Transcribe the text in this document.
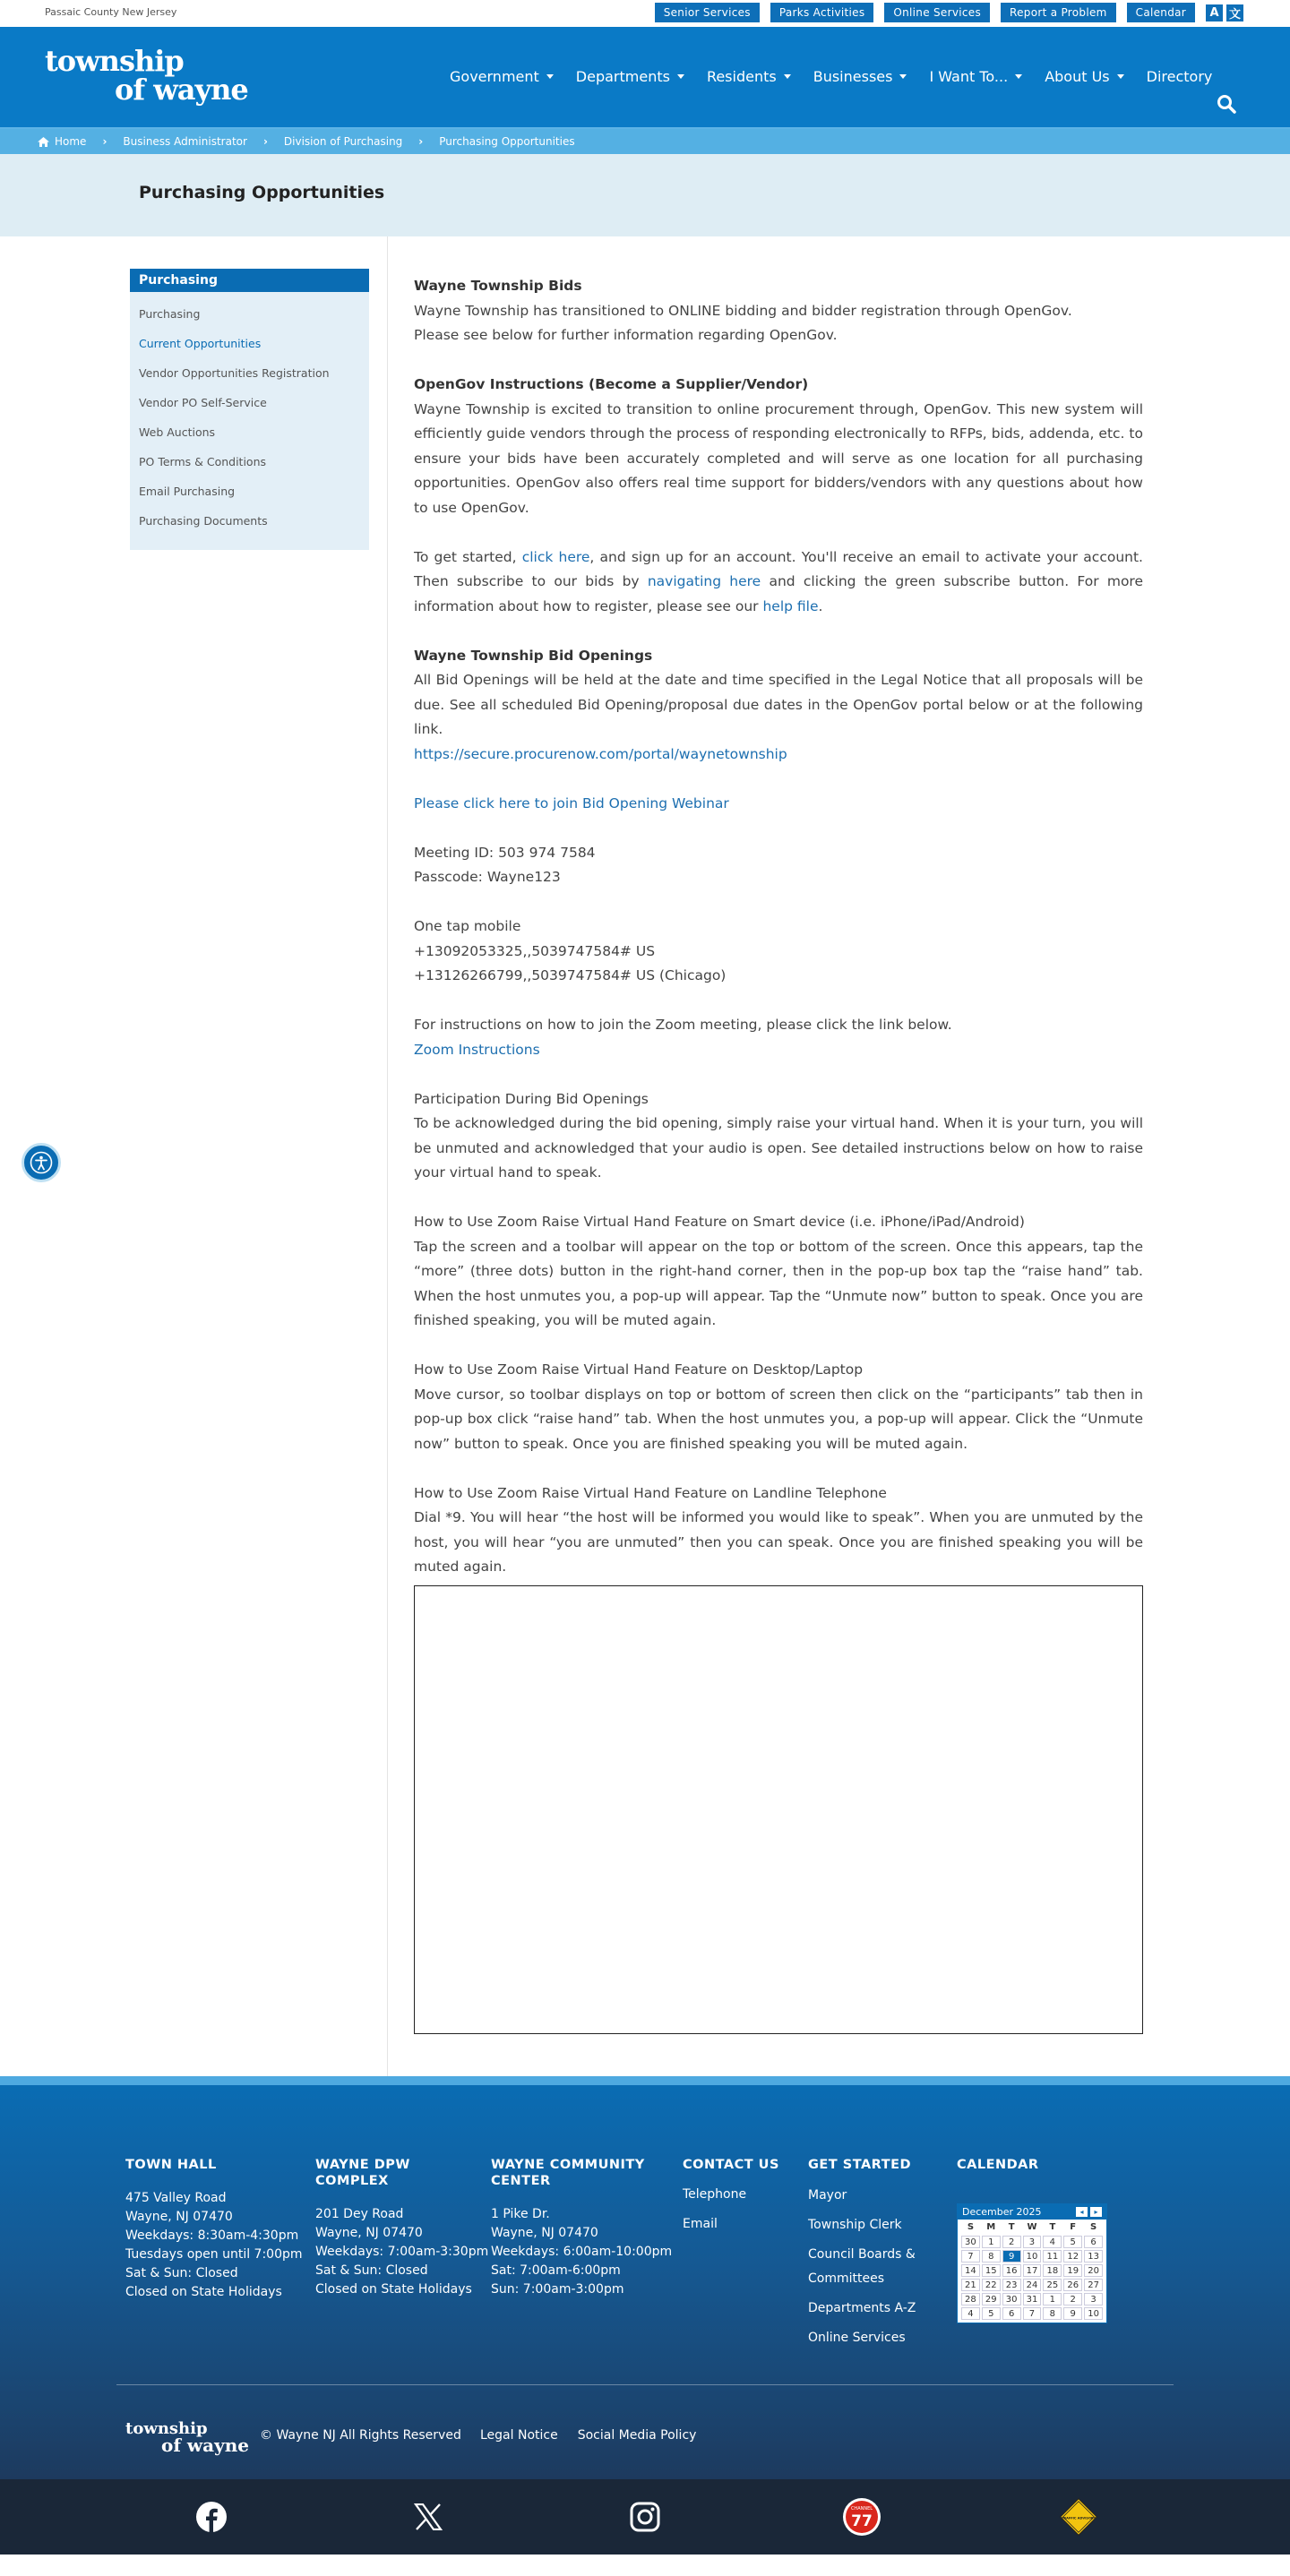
Passaic County New Jersey	Senior Services	Parks Activities	Online Services	Report a Problem	Calendar	A 文
township
of wayne	Government	Departments	Residents	Businesses	I Want To...	About Us	Directory
Home › Business Administrator › Division of Purchasing › Purchasing Opportunities
Purchasing Opportunities
Purchasing
Purchasing
Current Opportunities
Vendor Opportunities Registration
Vendor PO Self-Service
Web Auctions
PO Terms & Conditions
Email Purchasing
Purchasing Documents

Wayne Township Bids
Wayne Township has transitioned to ONLINE bidding and bidder registration through OpenGov.
Please see below for further information regarding OpenGov.

OpenGov Instructions (Become a Supplier/Vendor)
Wayne Township is excited to transition to online procurement through, OpenGov. This new system will efficiently guide vendors through the process of responding electronically to RFPs, bids, addenda, etc. to ensure your bids have been accurately completed and will serve as one location for all purchasing opportunities. OpenGov also offers real time support for bidders/vendors with any questions about how to use OpenGov.

To get started, click here, and sign up for an account. You'll receive an email to activate your account. Then subscribe to our bids by navigating here and clicking the green subscribe button. For more information about how to register, please see our help file.

Wayne Township Bid Openings
All Bid Openings will be held at the date and time specified in the Legal Notice that all proposals will be due. See all scheduled Bid Opening/proposal due dates in the OpenGov portal below or at the following link.
https://secure.procurenow.com/portal/waynetownship

Please click here to join Bid Opening Webinar

Meeting ID: 503 974 7584
Passcode: Wayne123

One tap mobile
+13092053325,,5039747584# US
+13126266799,,5039747584# US (Chicago)

For instructions on how to join the Zoom meeting, please click the link below.
Zoom Instructions

Participation During Bid Openings
To be acknowledged during the bid opening, simply raise your virtual hand. When it is your turn, you will be unmuted and acknowledged that your audio is open. See detailed instructions below on how to raise your virtual hand to speak.

How to Use Zoom Raise Virtual Hand Feature on Smart device (i.e. iPhone/iPad/Android)
Tap the screen and a toolbar will appear on the top or bottom of the screen. Once this appears, tap the “more” (three dots) button in the right-hand corner, then in the pop-up box tap the “raise hand” tab. When the host unmutes you, a pop-up will appear. Tap the “Unmute now” button to speak. Once you are finished speaking, you will be muted again.

How to Use Zoom Raise Virtual Hand Feature on Desktop/Laptop
Move cursor, so toolbar displays on top or bottom of screen then click on the “participants” tab then in pop-up box click “raise hand” tab. When the host unmutes you, a pop-up will appear. Click the “Unmute now” button to speak. Once you are finished speaking you will be muted again.

How to Use Zoom Raise Virtual Hand Feature on Landline Telephone
Dial *9. You will hear “the host will be informed you would like to speak”. When you are unmuted by the host, you will hear “you are unmuted” then you can speak. Once you are finished speaking you will be muted again.

TOWN HALL
475 Valley Road
Wayne, NJ 07470
Weekdays: 8:30am-4:30pm
Tuesdays open until 7:00pm
Sat & Sun: Closed
Closed on State Holidays
WAYNE DPW
COMPLEX
201 Dey Road
Wayne, NJ 07470
Weekdays: 7:00am-3:30pm
Sat & Sun: Closed
Closed on State Holidays
WAYNE COMMUNITY
CENTER
1 Pike Dr.
Wayne, NJ 07470
Weekdays: 6:00am-10:00pm
Sat: 7:00am-6:00pm
Sun: 7:00am-3:00pm
CONTACT US
Telephone
Email
GET STARTED
Mayor
Township Clerk
Council Boards &
Committees
Departments A-Z
Online Services
CALENDAR
December 2025	◂	▸
S	M	T	W	T	F	S
30	1	2	3	4	5	6
7	8	9	10	11	12	13
14	15	16	17	18	19	20
21	22	23	24	25	26	27
28	29	30	31	1	2	3
4	5	6	7	8	9	10
township
of wayne © Wayne NJ All Rights Reserved Legal Notice Social Media Policy
CHANNEL
77	TRAFFIC ADVISORY
